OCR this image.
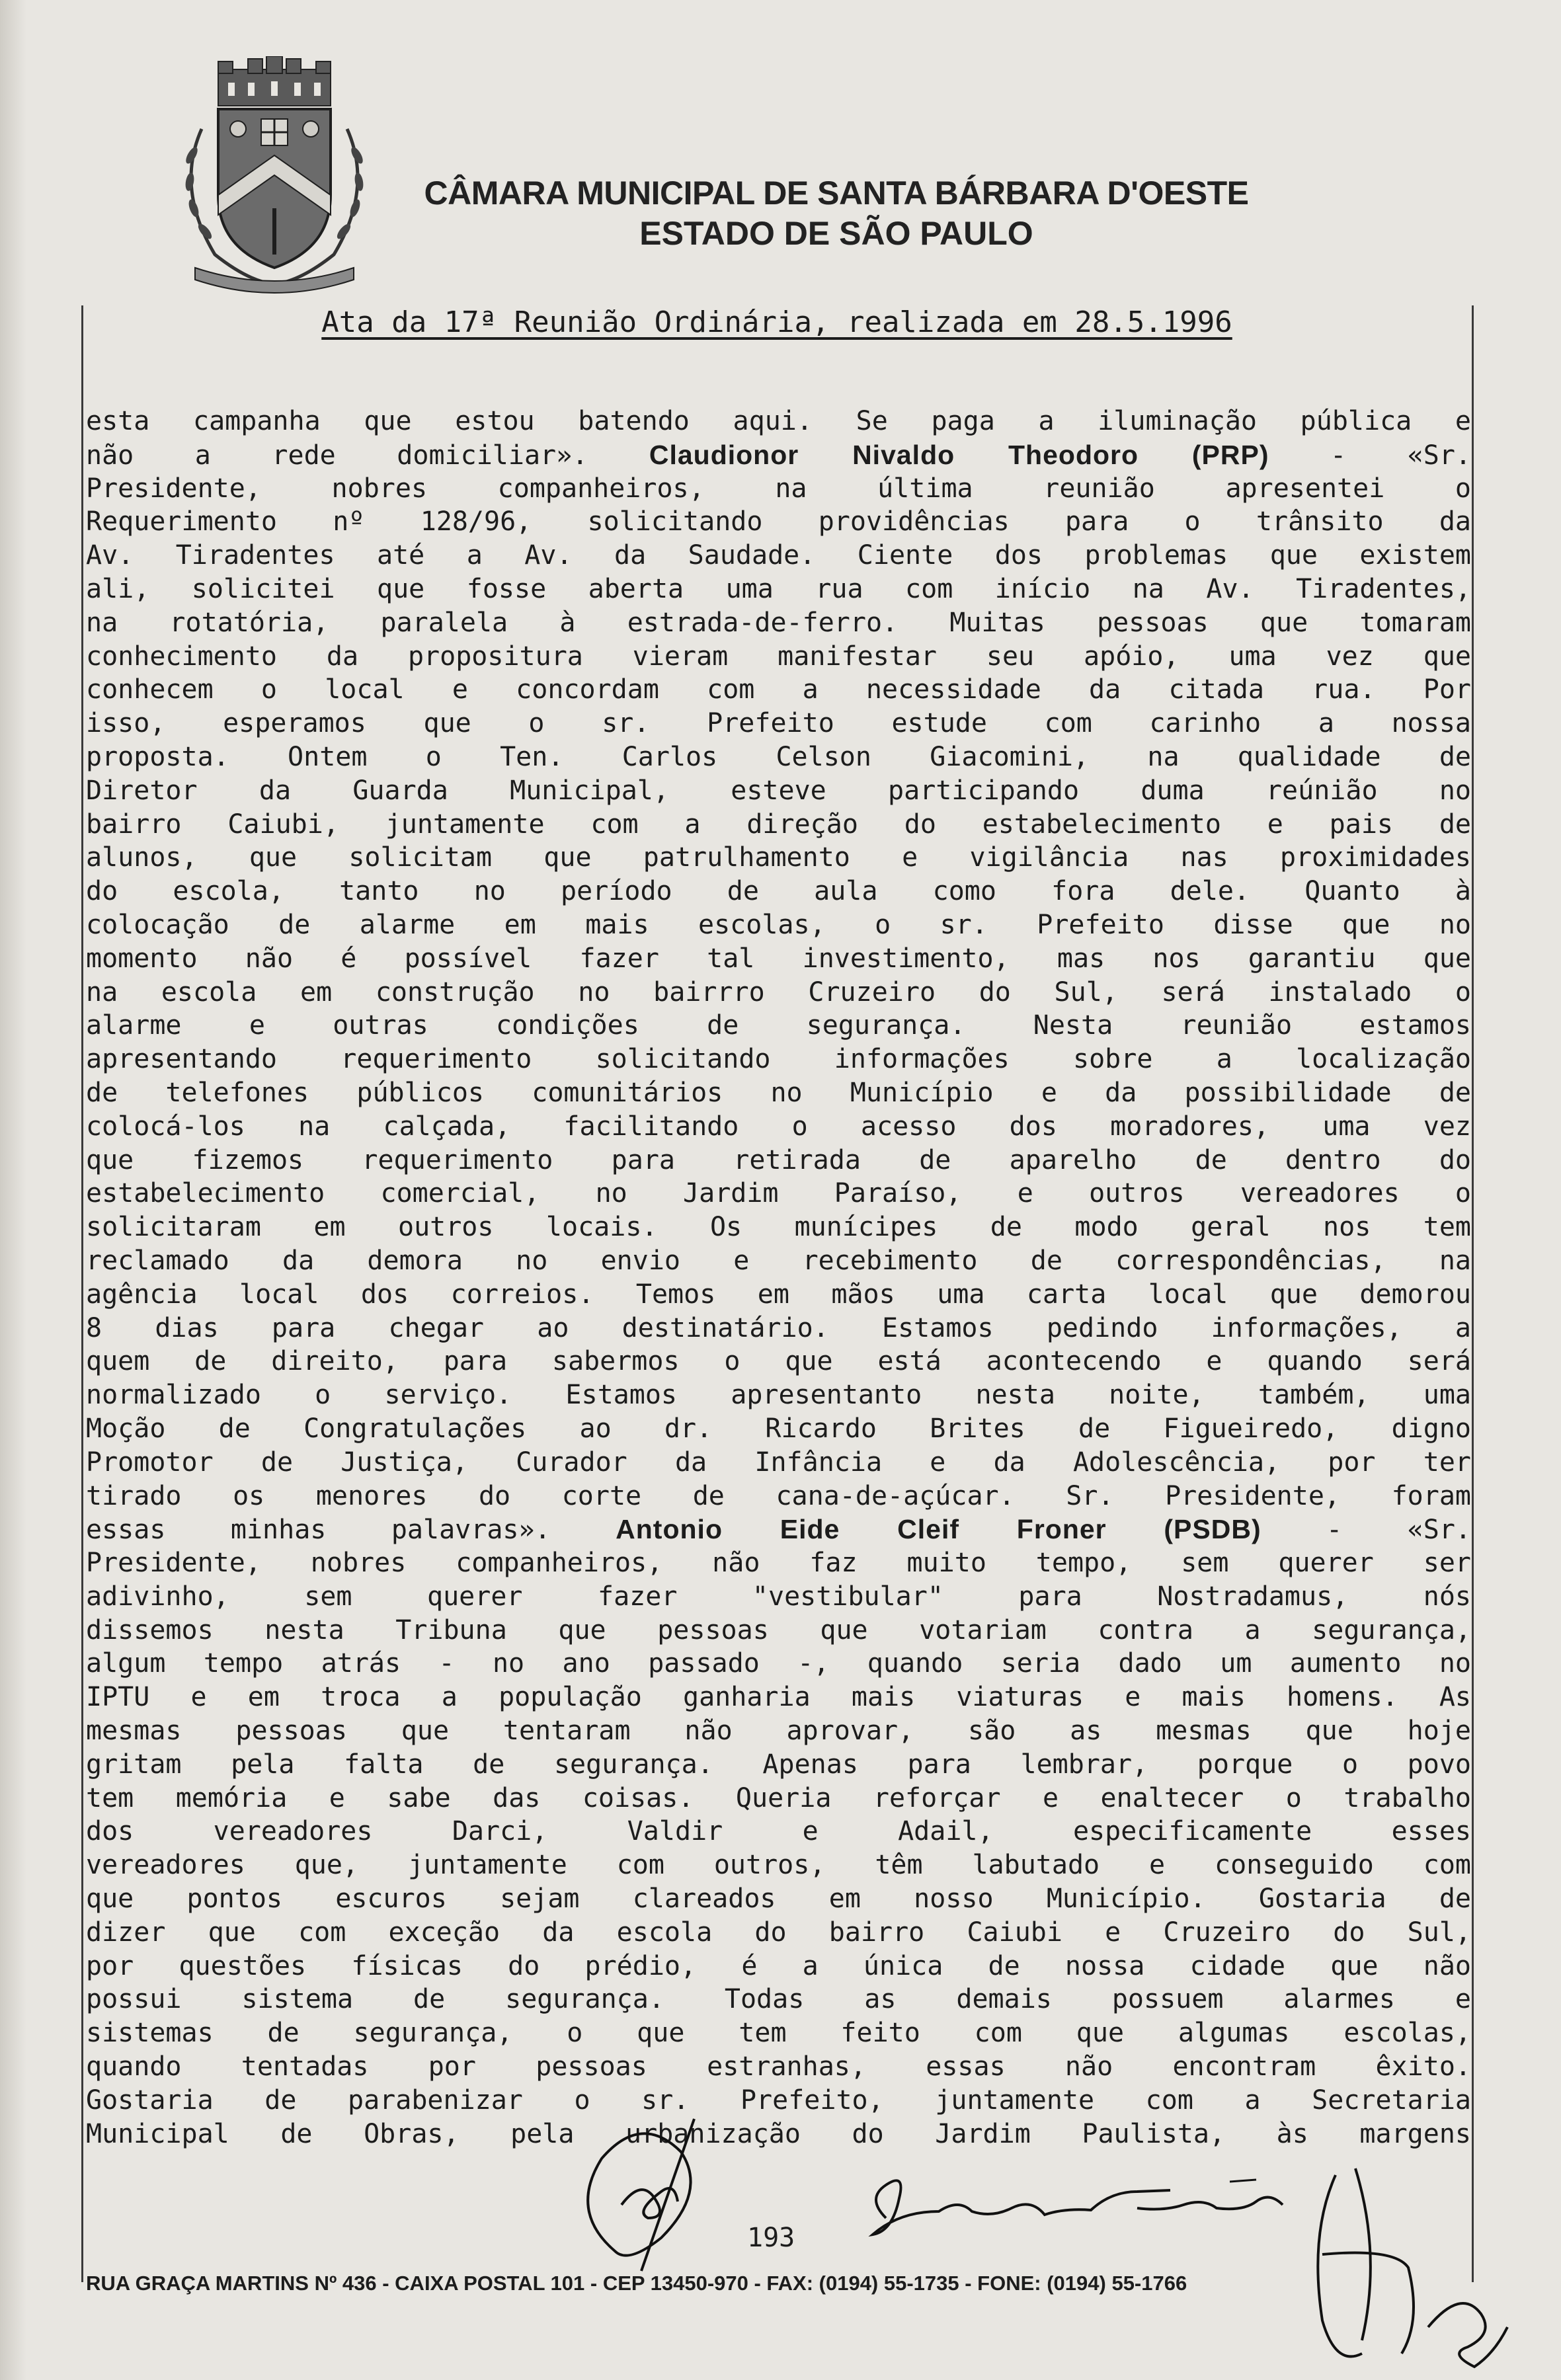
CÂMARA MUNICIPAL DE SANTA BÁRBARA D'OESTE
ESTADO DE SÃO PAULO
Ata da 17ª Reunião Ordinária, realizada em 28.5.1996
esta campanha que estou batendo aqui. Se paga a iluminação pública e
não a rede domiciliar». Claudionor Nivaldo Theodoro (PRP) - «Sr.
Presidente, nobres companheiros, na última reunião apresentei o
Requerimento nº 128/96, solicitando providências para o trânsito da
Av. Tiradentes até a Av. da Saudade. Ciente dos problemas que existem
ali, solicitei que fosse aberta uma rua com início na Av. Tiradentes,
na rotatória, paralela à estrada-de-ferro. Muitas pessoas que tomaram
conhecimento da propositura vieram manifestar seu apóio, uma vez que
conhecem o local e concordam com a necessidade da citada rua. Por
isso, esperamos que o sr. Prefeito estude com carinho a nossa
proposta. Ontem o Ten. Carlos Celson Giacomini, na qualidade de
Diretor da Guarda Municipal, esteve participando duma reúnião no
bairro Caiubi, juntamente com a direção do estabelecimento e pais de
alunos, que solicitam que patrulhamento e vigilância nas proximidades
do escola, tanto no período de aula como fora dele. Quanto à
colocação de alarme em mais escolas, o sr. Prefeito disse que no
momento não é possível fazer tal investimento, mas nos garantiu que
na escola em construção no bairrro Cruzeiro do Sul, será instalado o
alarme e outras condições de segurança. Nesta reunião estamos
apresentando requerimento solicitando informações sobre a localização
de telefones públicos comunitários no Município e da possibilidade de
colocá-los na calçada, facilitando o acesso dos moradores, uma vez
que fizemos requerimento para retirada de aparelho de dentro do
estabelecimento comercial, no Jardim Paraíso, e outros vereadores o
solicitaram em outros locais. Os munícipes de modo geral nos tem
reclamado da demora no envio e recebimento de correspondências, na
agência local dos correios. Temos em mãos uma carta local que demorou
8 dias para chegar ao destinatário. Estamos pedindo informações, a
quem de direito, para sabermos o que está acontecendo e quando será
normalizado o serviço. Estamos apresentanto nesta noite, também, uma
Moção de Congratulações ao dr. Ricardo Brites de Figueiredo, digno
Promotor de Justiça, Curador da Infância e da Adolescência, por ter
tirado os menores do corte de cana-de-açúcar. Sr. Presidente, foram
essas minhas palavras». Antonio Eide Cleif Froner (PSDB) - «Sr.
Presidente, nobres companheiros, não faz muito tempo, sem querer ser
adivinho, sem querer fazer "vestibular" para Nostradamus, nós
dissemos nesta Tribuna que pessoas que votariam contra a segurança,
algum tempo atrás - no ano passado -, quando seria dado um aumento no
IPTU e em troca a população ganharia mais viaturas e mais homens. As
mesmas pessoas que tentaram não aprovar, são as mesmas que hoje
gritam pela falta de segurança. Apenas para lembrar, porque o povo
tem memória e sabe das coisas. Queria reforçar e enaltecer o trabalho
dos vereadores Darci, Valdir e Adail, especificamente esses
vereadores que, juntamente com outros, têm labutado e conseguido com
que pontos escuros sejam clareados em nosso Município. Gostaria de
dizer que com exceção da escola do bairro Caiubi e Cruzeiro do Sul,
por questões físicas do prédio, é a única de nossa cidade que não
possui sistema de segurança. Todas as demais possuem alarmes e
sistemas de segurança, o que tem feito com que algumas escolas,
quando tentadas por pessoas estranhas, essas não encontram êxito.
Gostaria de parabenizar o sr. Prefeito, juntamente com a Secretaria
Municipal de Obras, pela urbanização do Jardim Paulista, às margens
193
RUA GRAÇA MARTINS Nº 436 - CAIXA POSTAL 101 - CEP 13450-970 - FAX: (0194) 55-1735 - FONE: (0194) 55-1766
